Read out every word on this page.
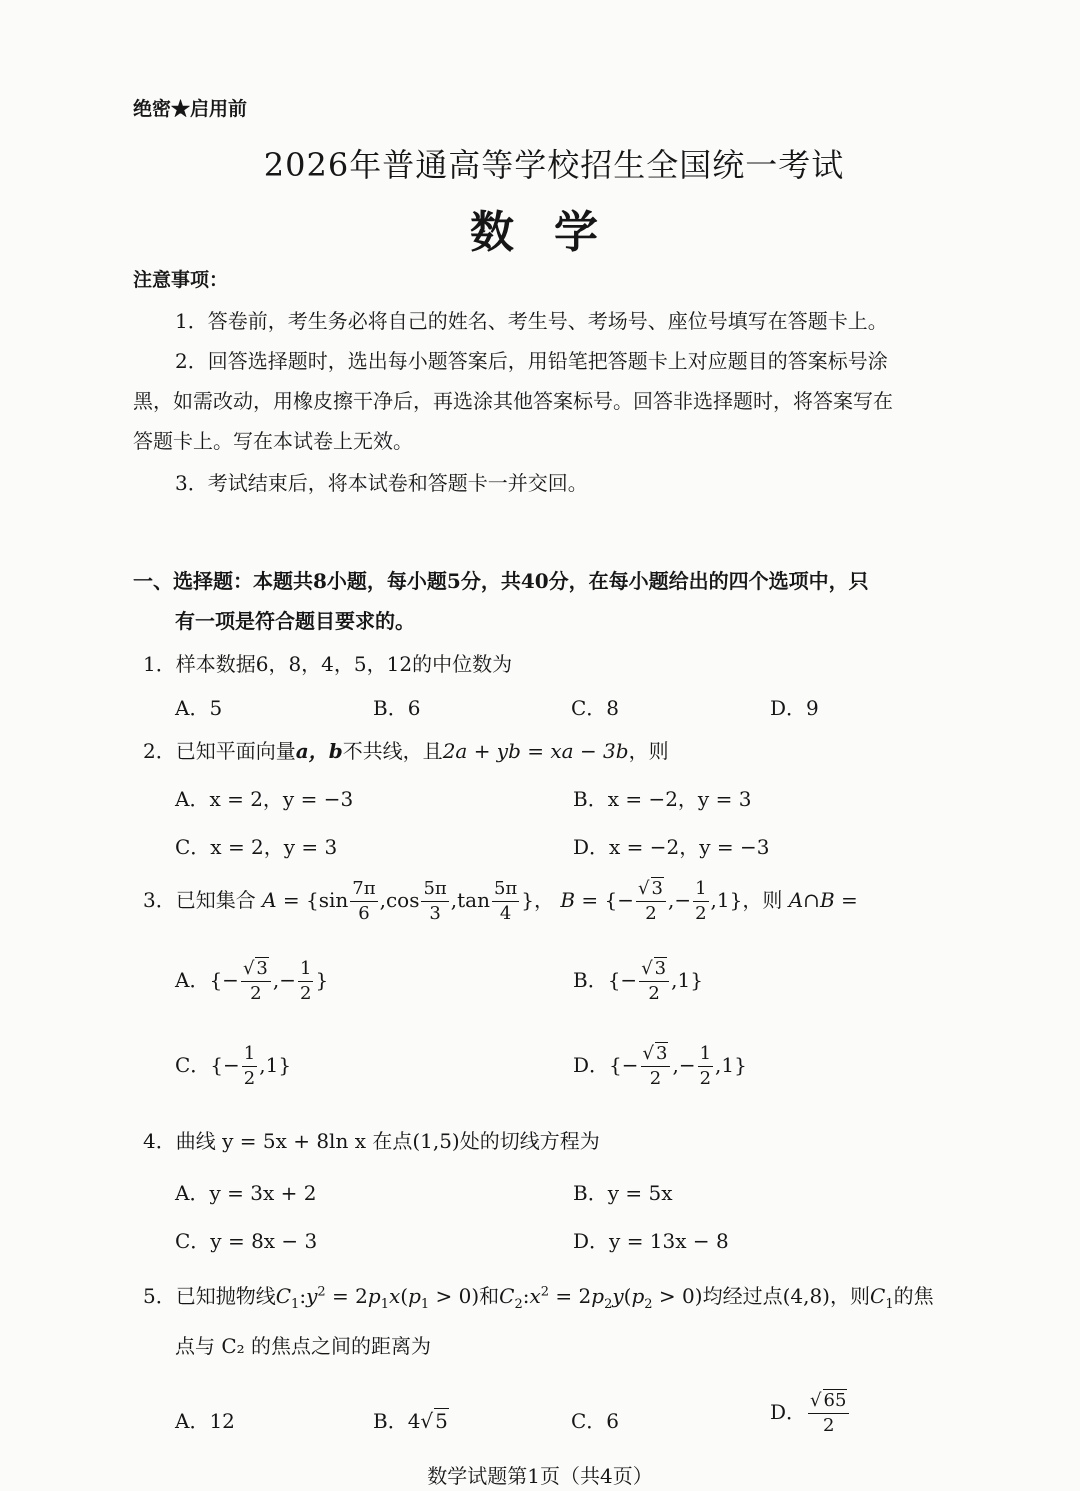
绝密★启用前
2026年普通高等学校招生全国统一考试
数学
注意事项：
1．答卷前，考生务必将自己的姓名、考生号、考场号、座位号填写在答题卡上。
2．回答选择题时，选出每小题答案后，用铅笔把答题卡上对应题目的答案标号涂
黑，如需改动，用橡皮擦干净后，再选涂其他答案标号。回答非选择题时，将答案写在
答题卡上。写在本试卷上无效。
3．考试结束后，将本试卷和答题卡一并交回。
一、选择题：本题共8小题，每小题5分，共40分，在每小题给出的四个选项中，只
有一项是符合题目要求的。
1．样本数据6，8，4，5，12的中位数为
A．5	B．6	C．8	D．9
2．已知平面向量a，b不共线，且2a + yb = xa − 3b，则
A．x = 2，y = −3	B．x = −2，y = 3
C．x = 2，y = 3	D．x = −2，y = −3
3．已知集合 $A = \{\sin \frac{7\pi}{6} ,\cos \frac{5\pi}{3} ,\tan \frac{5\pi}{4}$ }， B = {− $\frac{√ 3}{2}$ ,− $\frac{1}{2} ,1$}，则 A∩B =
A．{− $\frac{√ 3}{2}$ ,− $\frac{1}{2}$ }	B．{− $\frac{√ 3}{2} ,1$}
C．{− $\frac{1}{2} ,1$}	D．{− $\frac{√ 3}{2}$ ,− $\frac{1}{2} ,1$}
4．曲线 y = 5x + 8ln x 在点(1,5)处的切线方程为
A．y = 3x + 2	B．y = 5x
C．y = 8x − 3	D．y = 13x − 8
5．已知抛物线$C_1:y^2 = 2p_1x(p_1 > 0)$和$C_2:x^2 = 2p_2y(p_2 > 0)$均经过点(4,8)，则$C_1$的焦
点与 C₂ 的焦点之间的距离为
A．12	B．4√ 5	C．6	D． $\frac{√ 65}{2}$
数学试题第1页（共4页）
